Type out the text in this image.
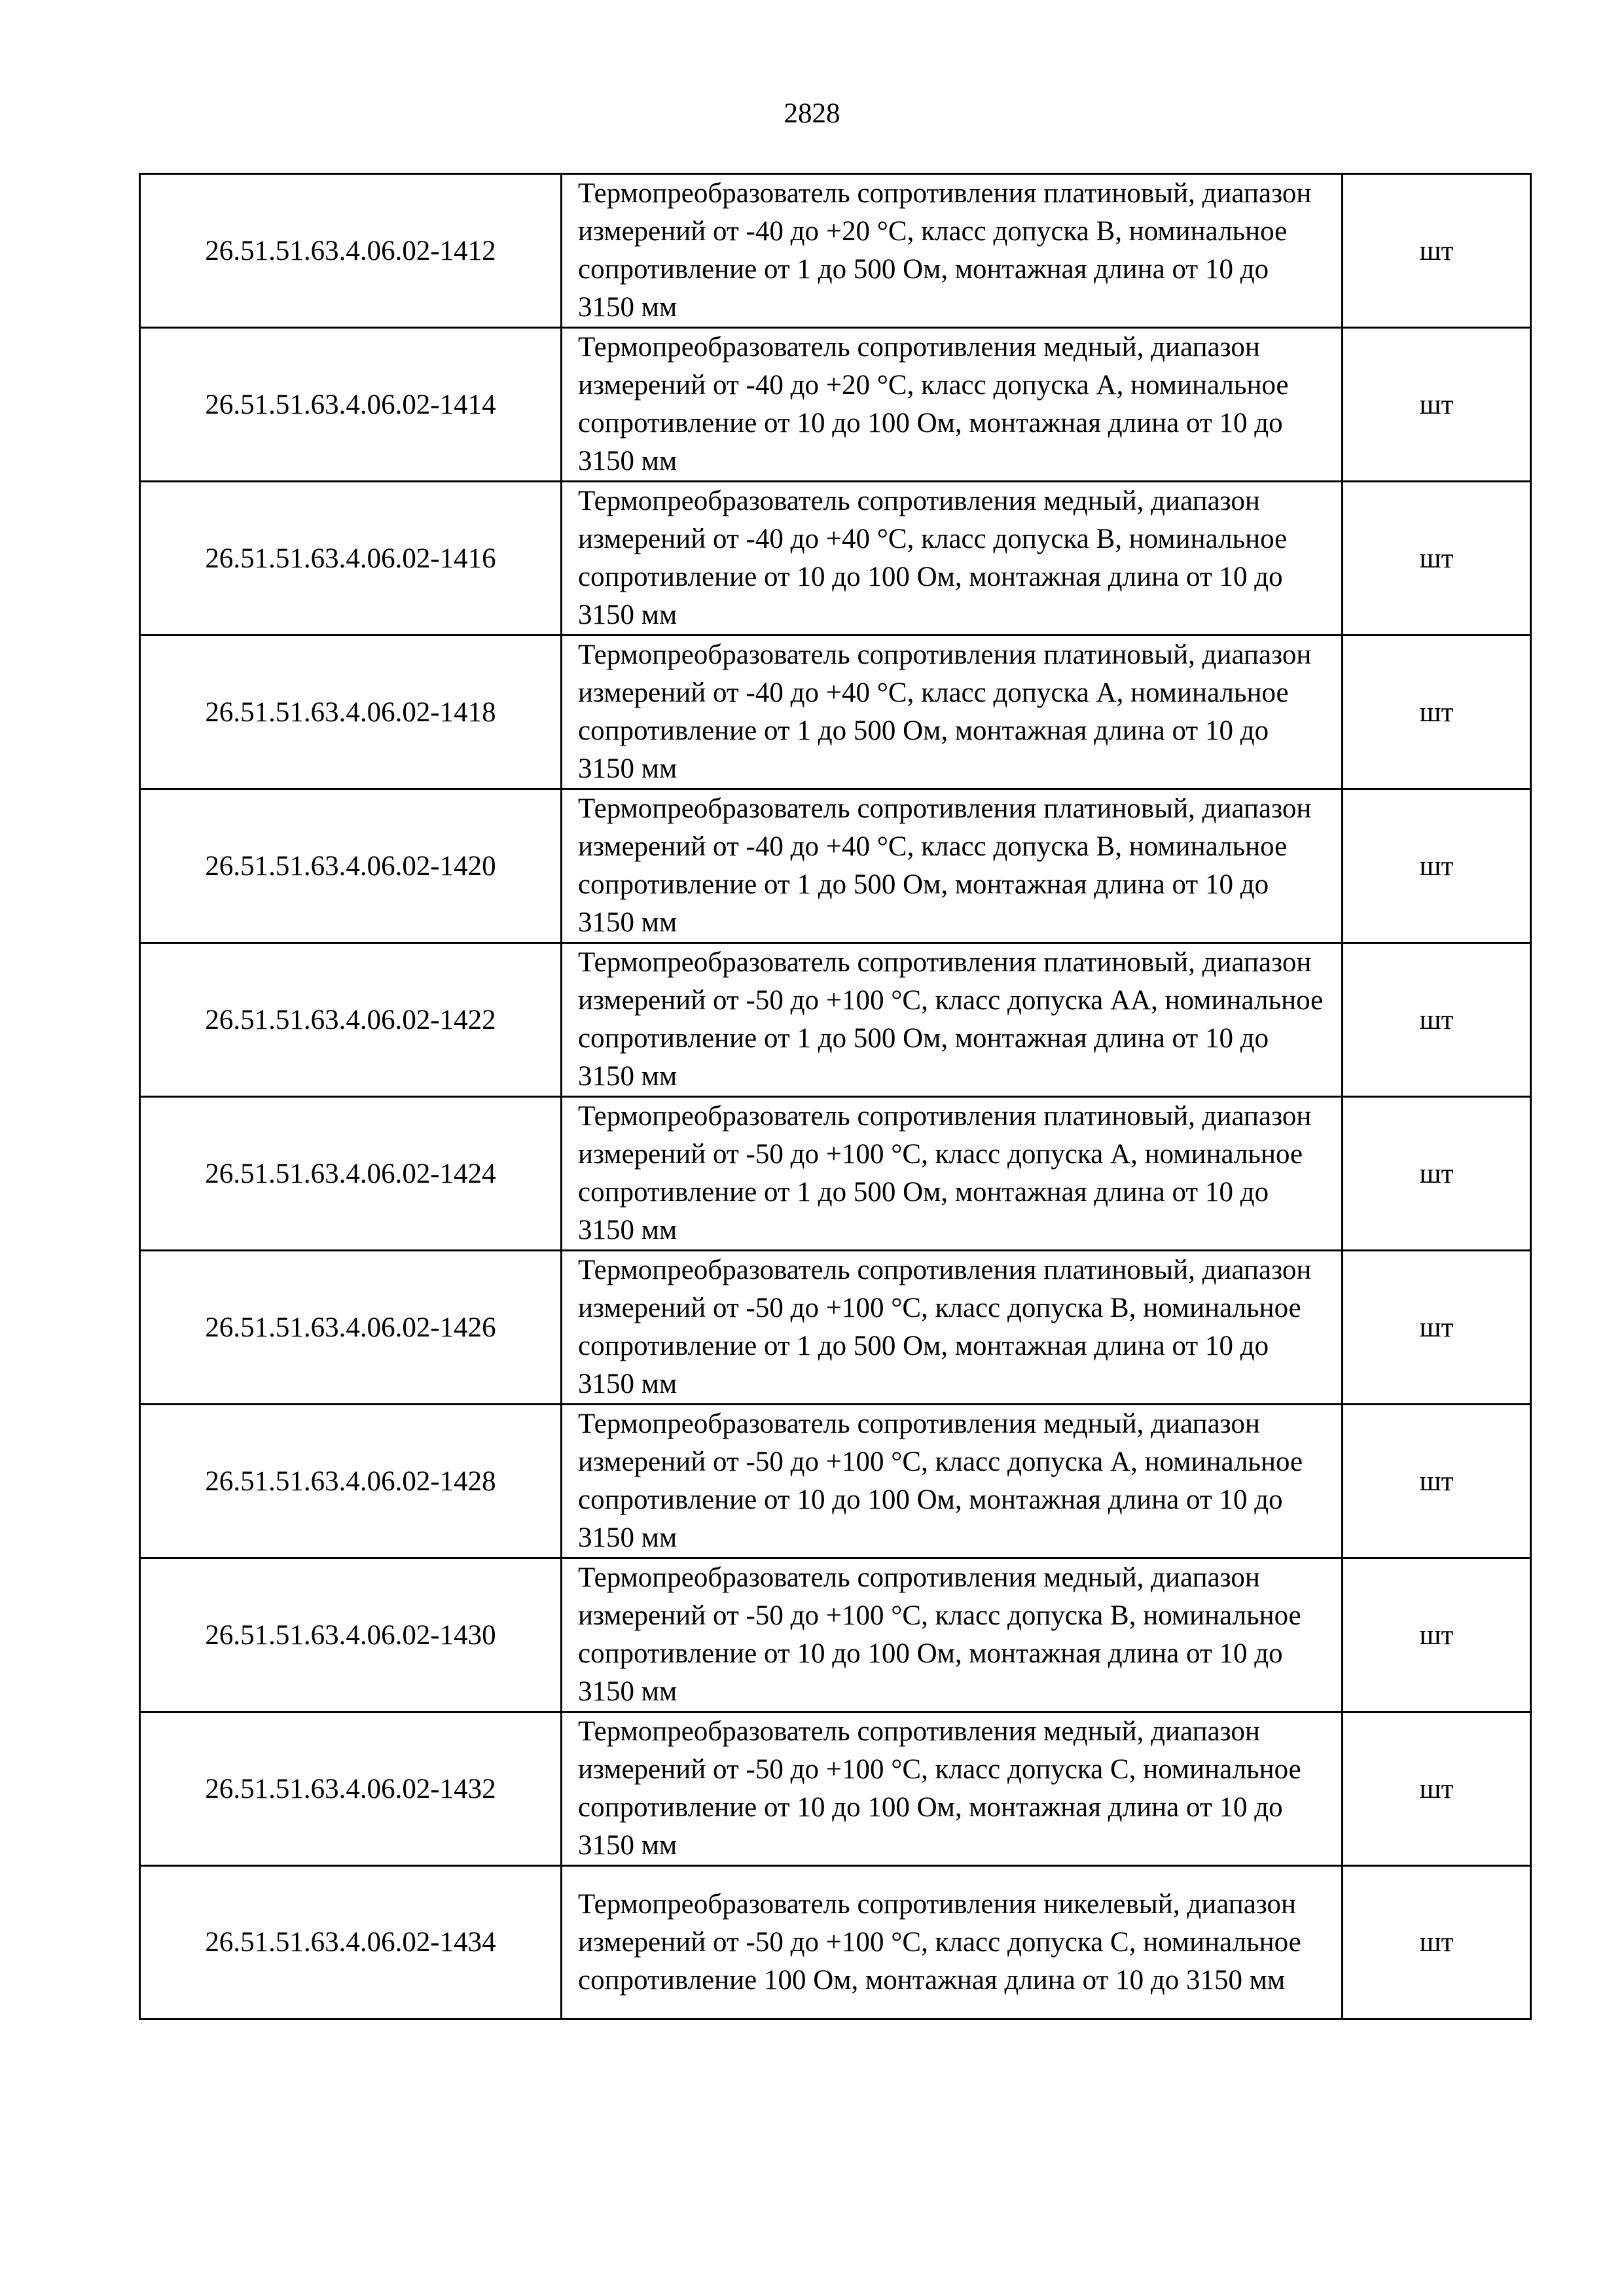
2828
26.51.51.63.4.06.02-1412	Термопреобразователь сопротивления платиновый, диапазон измерений от -40 до +20 °С, класс допуска В, номинальное сопротивление от 1 до 500 Ом, монтажная длина от 10 до 3150 мм	шт
26.51.51.63.4.06.02-1414	Термопреобразователь сопротивления медный, диапазон измерений от -40 до +20 °С, класс допуска А, номинальное сопротивление от 10 до 100 Ом, монтажная длина от 10 до 3150 мм	шт
26.51.51.63.4.06.02-1416	Термопреобразователь сопротивления медный, диапазон измерений от -40 до +40 °С, класс допуска В, номинальное сопротивление от 10 до 100 Ом, монтажная длина от 10 до 3150 мм	шт
26.51.51.63.4.06.02-1418	Термопреобразователь сопротивления платиновый, диапазон измерений от -40 до +40 °С, класс допуска А, номинальное сопротивление от 1 до 500 Ом, монтажная длина от 10 до 3150 мм	шт
26.51.51.63.4.06.02-1420	Термопреобразователь сопротивления платиновый, диапазон измерений от -40 до +40 °С, класс допуска В, номинальное сопротивление от 1 до 500 Ом, монтажная длина от 10 до 3150 мм	шт
26.51.51.63.4.06.02-1422	Термопреобразователь сопротивления платиновый, диапазон измерений от -50 до +100 °С, класс допуска АА, номинальное сопротивление от 1 до 500 Ом, монтажная длина от 10 до 3150 мм	шт
26.51.51.63.4.06.02-1424	Термопреобразователь сопротивления платиновый, диапазон измерений от -50 до +100 °С, класс допуска А, номинальное сопротивление от 1 до 500 Ом, монтажная длина от 10 до 3150 мм	шт
26.51.51.63.4.06.02-1426	Термопреобразователь сопротивления платиновый, диапазон измерений от -50 до +100 °С, класс допуска В, номинальное сопротивление от 1 до 500 Ом, монтажная длина от 10 до 3150 мм	шт
26.51.51.63.4.06.02-1428	Термопреобразователь сопротивления медный, диапазон измерений от -50 до +100 °С, класс допуска А, номинальное сопротивление от 10 до 100 Ом, монтажная длина от 10 до 3150 мм	шт
26.51.51.63.4.06.02-1430	Термопреобразователь сопротивления медный, диапазон измерений от -50 до +100 °С, класс допуска В, номинальное сопротивление от 10 до 100 Ом, монтажная длина от 10 до 3150 мм	шт
26.51.51.63.4.06.02-1432	Термопреобразователь сопротивления медный, диапазон измерений от -50 до +100 °С, класс допуска С, номинальное сопротивление от 10 до 100 Ом, монтажная длина от 10 до 3150 мм	шт
26.51.51.63.4.06.02-1434	Термопреобразователь сопротивления никелевый, диапазон измерений от -50 до +100 °С, класс допуска С, номинальное сопротивление 100 Ом, монтажная длина от 10 до 3150 мм	шт
